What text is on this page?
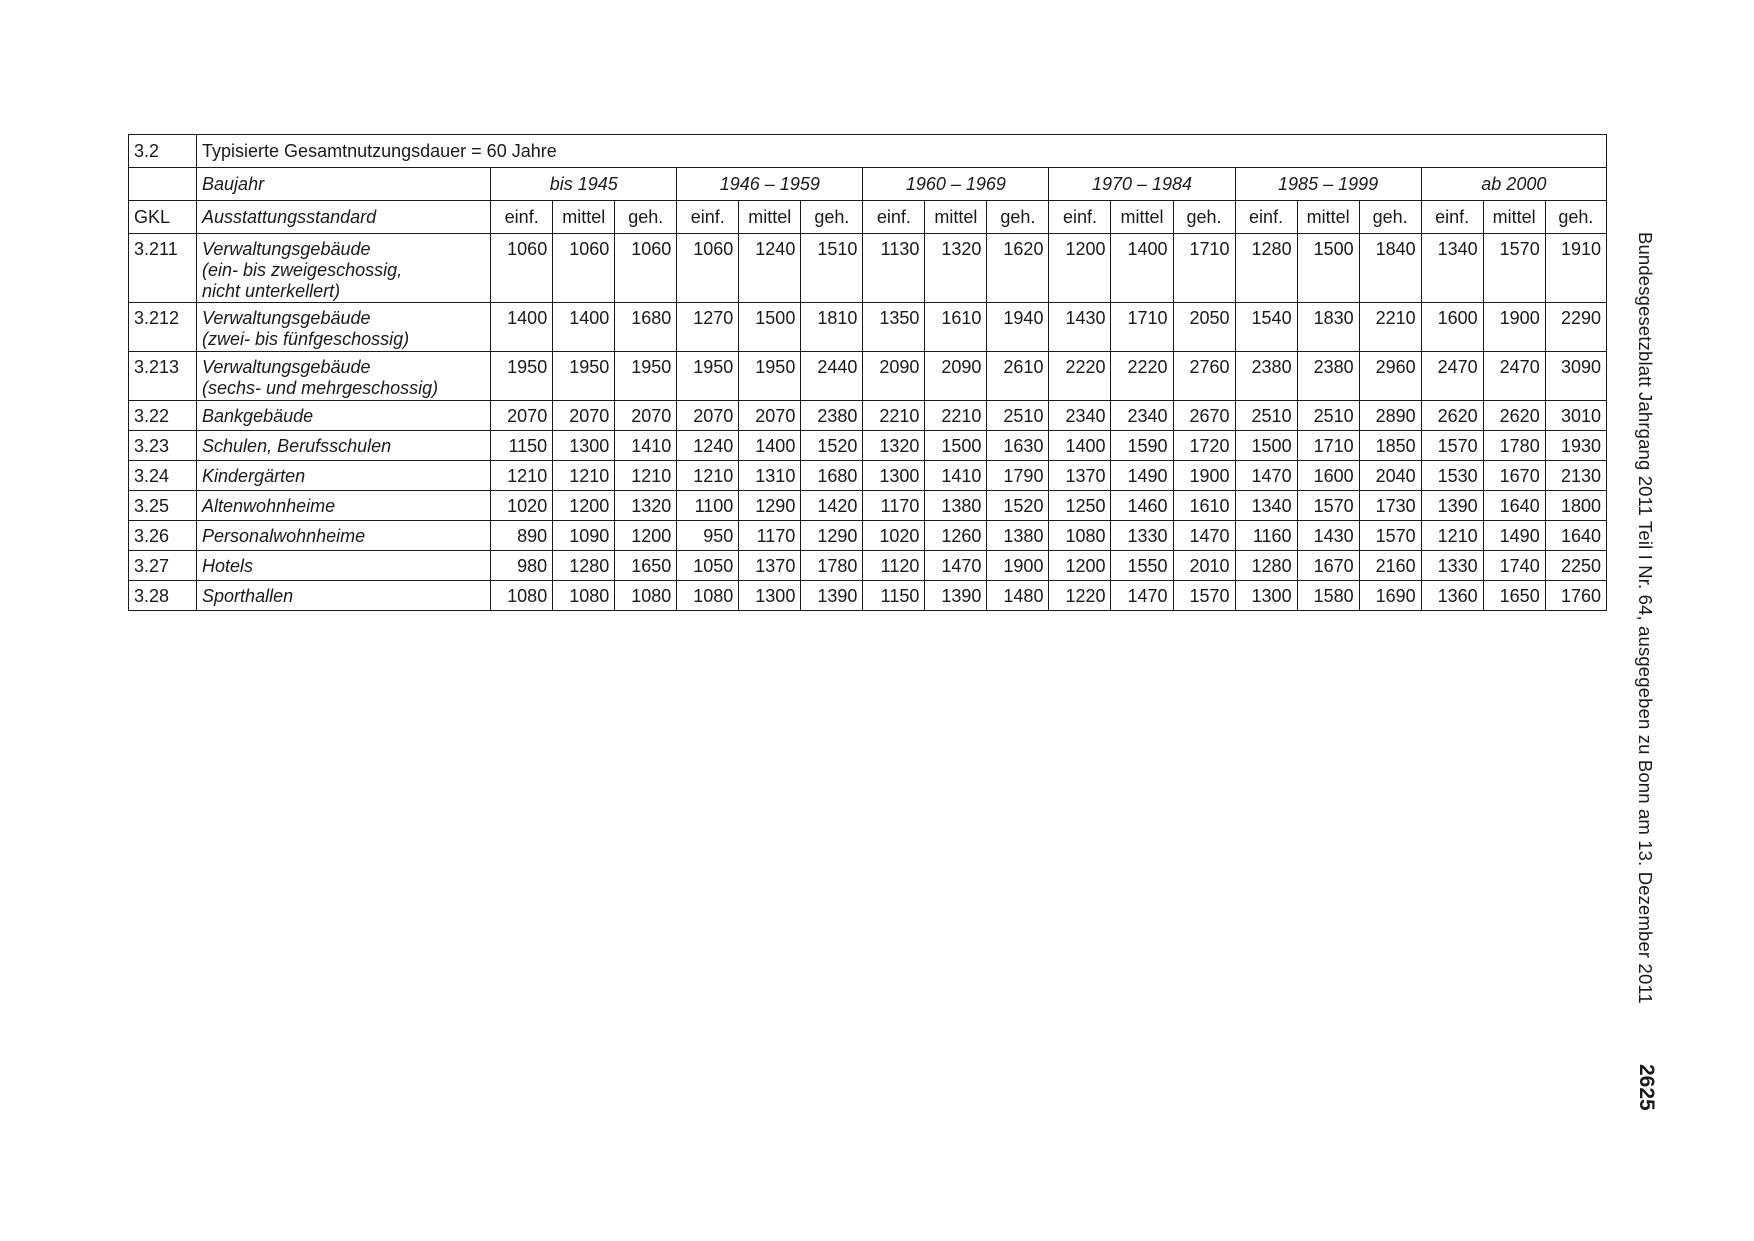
3.2	Typisierte Gesamtnutzungsdauer = 60 Jahre																		
	Baujahr	bis 1945			1946 – 1959			1960 – 1969			1970 – 1984			1985 – 1999			ab 2000		
GKL	Ausstattungsstandard	einf.	mittel	geh.	einf.	mittel	geh.	einf.	mittel	geh.	einf.	mittel	geh.	einf.	mittel	geh.	einf.	mittel	geh.
3.211	Verwaltungsgebäude
(ein- bis zweigeschossig,
nicht unterkellert)	1060	1060	1060	1060	1240	1510	1130	1320	1620	1200	1400	1710	1280	1500	1840	1340	1570	1910
3.212	Verwaltungsgebäude
(zwei- bis fünfgeschossig)	1400	1400	1680	1270	1500	1810	1350	1610	1940	1430	1710	2050	1540	1830	2210	1600	1900	2290
3.213	Verwaltungsgebäude
(sechs- und mehrgeschossig)	1950	1950	1950	1950	1950	2440	2090	2090	2610	2220	2220	2760	2380	2380	2960	2470	2470	3090
3.22	Bankgebäude	2070	2070	2070	2070	2070	2380	2210	2210	2510	2340	2340	2670	2510	2510	2890	2620	2620	3010
3.23	Schulen, Berufsschulen	1150	1300	1410	1240	1400	1520	1320	1500	1630	1400	1590	1720	1500	1710	1850	1570	1780	1930
3.24	Kindergärten	1210	1210	1210	1210	1310	1680	1300	1410	1790	1370	1490	1900	1470	1600	2040	1530	1670	2130
3.25	Altenwohnheime	1020	1200	1320	1100	1290	1420	1170	1380	1520	1250	1460	1610	1340	1570	1730	1390	1640	1800
3.26	Personalwohnheime	890	1090	1200	950	1170	1290	1020	1260	1380	1080	1330	1470	1160	1430	1570	1210	1490	1640
3.27	Hotels	980	1280	1650	1050	1370	1780	1120	1470	1900	1200	1550	2010	1280	1670	2160	1330	1740	2250
3.28	Sporthallen	1080	1080	1080	1080	1300	1390	1150	1390	1480	1220	1470	1570	1300	1580	1690	1360	1650	1760 Bundesgesetzblatt Jahrgang 2011 Teil I Nr. 64, ausgegeben zu Bonn am 13. Dezember 2011
2625
